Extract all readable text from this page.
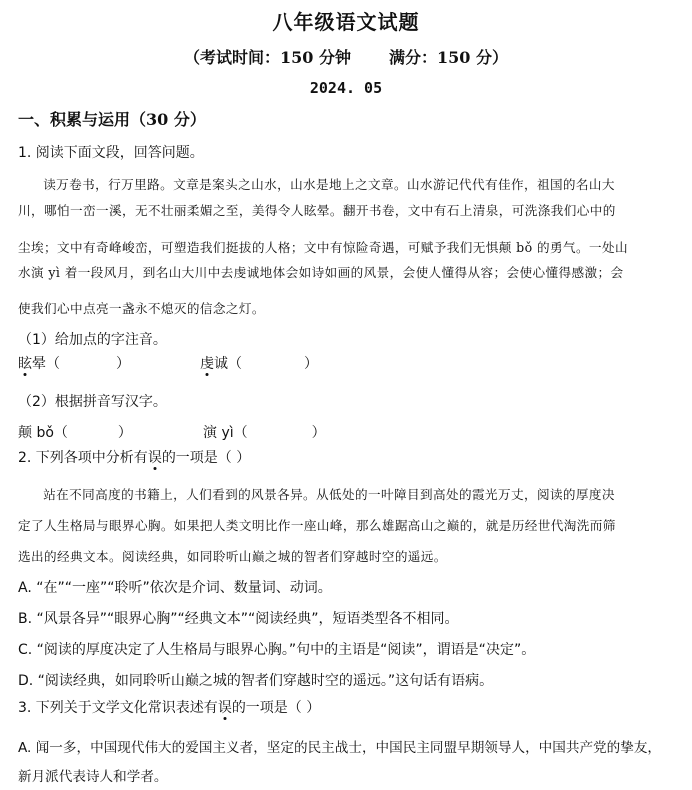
八年级语文试题
（考试时间：150 分钟 满分：150 分）
2024. 05
一、积累与运用（30 分）
1. 阅读下面文段，回答问题。
读万卷书，行万里路。文章是案头之山水，山水是地上之文章。山水游记代代有佳作，祖国的名山大
川，哪怕一峦一溪，无不壮丽柔媚之至，美得令人眩晕。翻开书卷，文中有石上清泉，可洗涤我们心中的
尘埃；文中有奇峰峻峦，可塑造我们挺拔的人格；文中有惊险奇遇，可赋予我们无惧颠 bǒ 的勇气。一处山
水演 yì 着一段风月，到名山大川中去虔诚地体会如诗如画的风景，会使人懂得从容；会使心懂得感激；会
使我们心中点亮一盏永不熄灭的信念之灯。
（1）给加点的字注音。
眩晕（	）	虔诚（	）
（2）根据拼音写汉字。
颠 bǒ（	）	演 yì（	）
2. 下列各项中分析有误的一项是（ ）
站在不同高度的书籍上，人们看到的风景各异。从低处的一叶障目到高处的霞光万丈，阅读的厚度决
定了人生格局与眼界心胸。如果把人类文明比作一座山峰，那么雄踞高山之巅的，就是历经世代淘洗而筛
选出的经典文本。阅读经典，如同聆听山巅之城的智者们穿越时空的遥远。
A. “在”“一座”“聆听”依次是介词、数量词、动词。
B. “风景各异”“眼界心胸”“经典文本”“阅读经典”，短语类型各不相同。
C. “阅读的厚度决定了人生格局与眼界心胸。”句中的主语是“阅读”，谓语是“决定”。
D. “阅读经典，如同聆听山巅之城的智者们穿越时空的遥远。”这句话有语病。
3. 下列关于文学文化常识表述有误的一项是（ ）
A. 闻一多，中国现代伟大的爱国主义者，坚定的民主战士，中国民主同盟早期领导人，中国共产党的挚友，
新月派代表诗人和学者。
